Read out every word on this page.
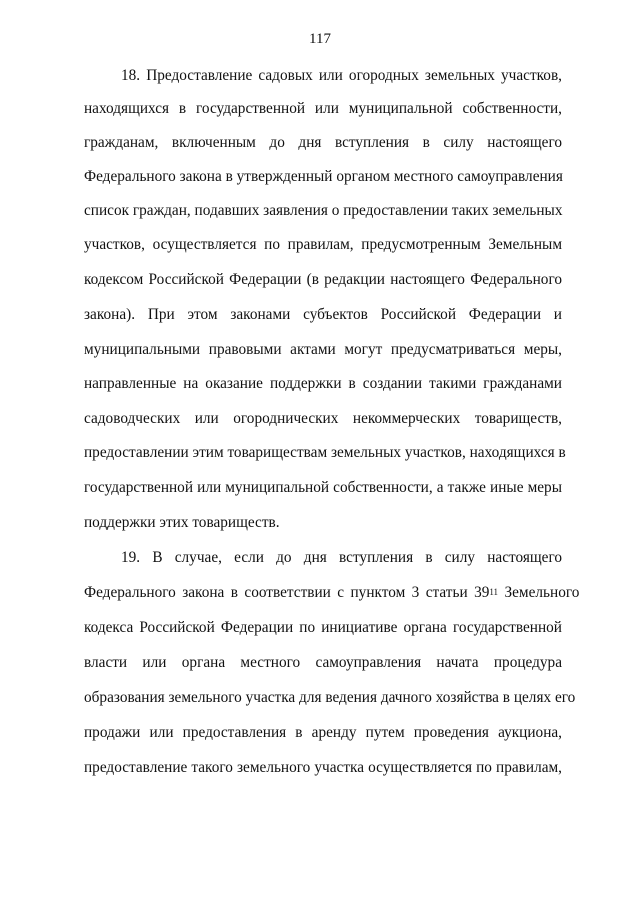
117
18. Предоставление садовых или огородных земельных участков,
находящихся в государственной или муниципальной собственности,
гражданам, включенным до дня вступления в силу настоящего
Федерального закона в утвержденный органом местного самоуправления
список граждан, подавших заявления о предоставлении таких земельных
участков, осуществляется по правилам, предусмотренным Земельным
кодексом Российской Федерации (в редакции настоящего Федерального
закона). При этом законами субъектов Российской Федерации и
муниципальными правовыми актами могут предусматриваться меры,
направленные на оказание поддержки в создании такими гражданами
садоводческих или огороднических некоммерческих товариществ,
предоставлении этим товариществам земельных участков, находящихся в
государственной или муниципальной собственности, а также иные меры
поддержки этих товариществ.
19. В случае, если до дня вступления в силу настоящего
Федерального закона в соответствии с пунктом 3 статьи $39^{11}$ Земельного
кодекса Российской Федерации по инициативе органа государственной
власти или органа местного самоуправления начата процедура
образования земельного участка для ведения дачного хозяйства в целях его
продажи или предоставления в аренду путем проведения аукциона,
предоставление такого земельного участка осуществляется по правилам,
